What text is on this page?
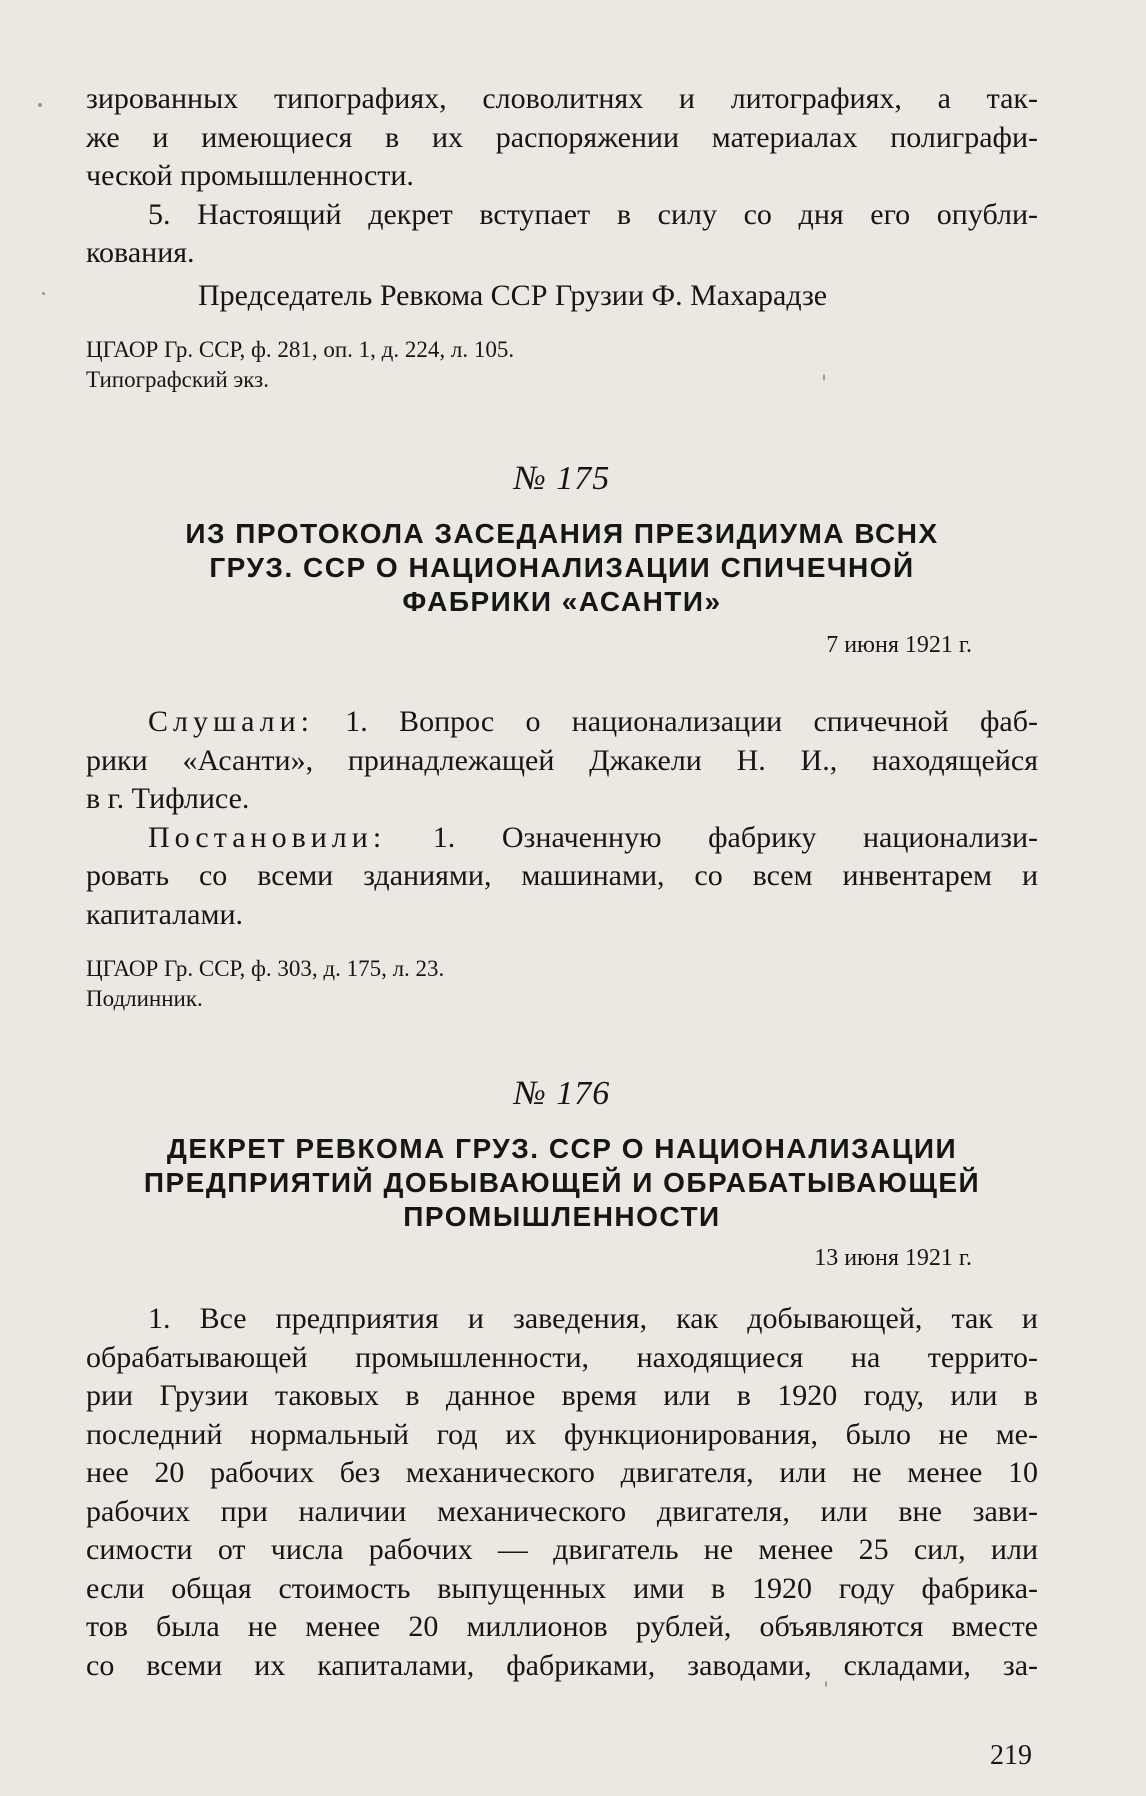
зированных типографиях, словолитнях и литографиях, а так-
же и имеющиеся в их распоряжении материалах полиграфи-
ческой промышленности.
5. Настоящий декрет вступает в силу со дня его опубли-
кования.
Председатель Ревкома ССР Грузии Ф. Махарадзе
ЦГАОР Гр. ССР, ф. 281, оп. 1, д. 224, л. 105.
Типографский экз.
№ 175
ИЗ ПРОТОКОЛА ЗАСЕДАНИЯ ПРЕЗИДИУМА ВСНХ
ГРУЗ. ССР О НАЦИОНАЛИЗАЦИИ СПИЧЕЧНОЙ
ФАБРИКИ «АСАНТИ»
7 июня 1921 г.
Слушали: 1. Вопрос о национализации спичечной фаб-
рики «Асанти», принадлежащей Джакели Н. И., находящейся
в г. Тифлисе.
Постановили: 1. Означенную фабрику национализи-
ровать со всеми зданиями, машинами, со всем инвентарем и
капиталами.
ЦГАОР Гр. ССР, ф. 303, д. 175, л. 23.
Подлинник.
№ 176
ДЕКРЕТ РЕВКОМА ГРУЗ. ССР О НАЦИОНАЛИЗАЦИИ
ПРЕДПРИЯТИЙ ДОБЫВАЮЩЕЙ И ОБРАБАТЫВАЮЩЕЙ
ПРОМЫШЛЕННОСТИ
13 июня 1921 г.
1. Все предприятия и заведения, как добывающей, так и
обрабатывающей промышленности, находящиеся на террито-
рии Грузии таковых в данное время или в 1920 году, или в
последний нормальный год их функционирования, было не ме-
нее 20 рабочих без механического двигателя, или не менее 10
рабочих при наличии механического двигателя, или вне зави-
симости от числа рабочих — двигатель не менее 25 сил, или
если общая стоимость выпущенных ими в 1920 году фабрика-
тов была не менее 20 миллионов рублей, объявляются вместе
со всеми их капиталами, фабриками, заводами, складами, за-
219
